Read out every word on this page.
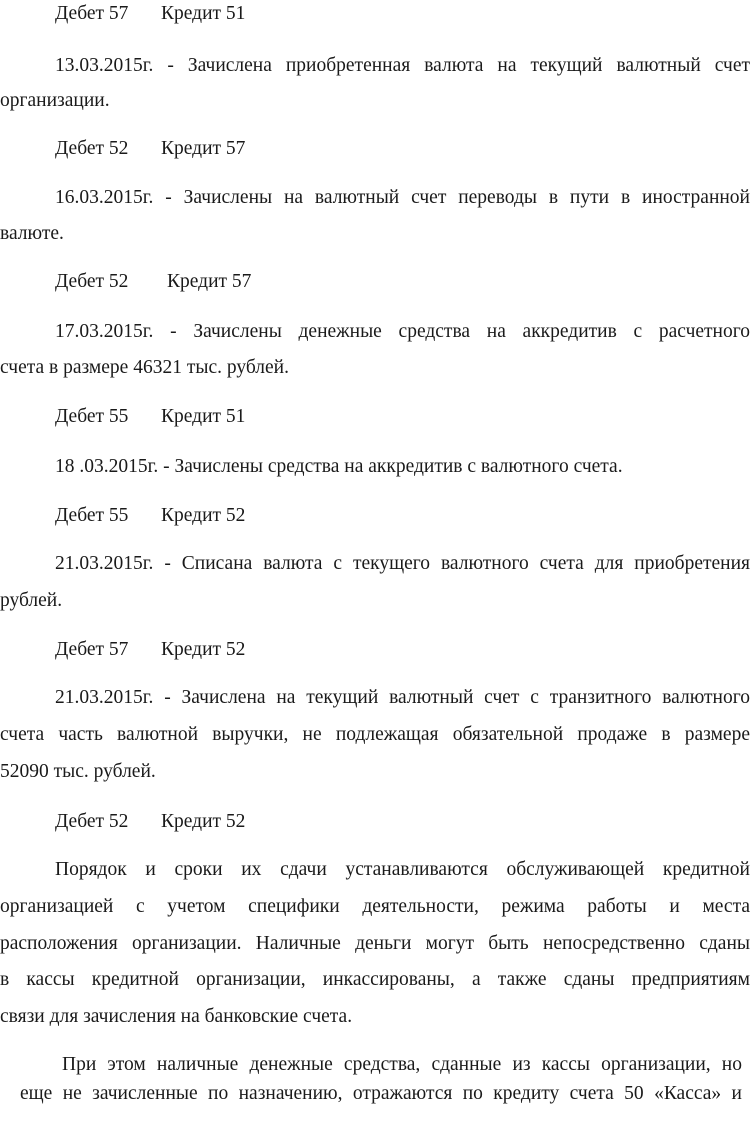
Дебет 57 Кредит 51
13.03.2015г. - Зачислена приобретенная валюта на текущий валютный счет
организации.
Дебет 52 Кредит 57
16.03.2015г. - Зачислены на валютный счет переводы в пути в иностранной
валюте.
Дебет 52 Кредит 57
17.03.2015г. - Зачислены денежные средства на аккредитив с расчетного
счета в размере 46321 тыс. рублей.
Дебет 55 Кредит 51
18 .03.2015г. - Зачислены средства на аккредитив с валютного счета.
Дебет 55 Кредит 52
21.03.2015г. - Списана валюта с текущего валютного счета для приобретения
рублей.
Дебет 57 Кредит 52
21.03.2015г. - Зачислена на текущий валютный счет с транзитного валютного
счета часть валютной выручки, не подлежащая обязательной продаже в размере
52090 тыс. рублей.
Дебет 52 Кредит 52
Порядок и сроки их сдачи устанавливаются обслуживающей кредитной
организацией с учетом специфики деятельности, режима работы и места
расположения организации. Наличные деньги могут быть непосредственно сданы
в кассы кредитной организации, инкассированы, а также сданы предприятиям
связи для зачисления на банковские счета.
При этом наличные денежные средства, сданные из кассы организации, но
еще не зачисленные по назначению, отражаются по кредиту счета 50 «Касса» и
